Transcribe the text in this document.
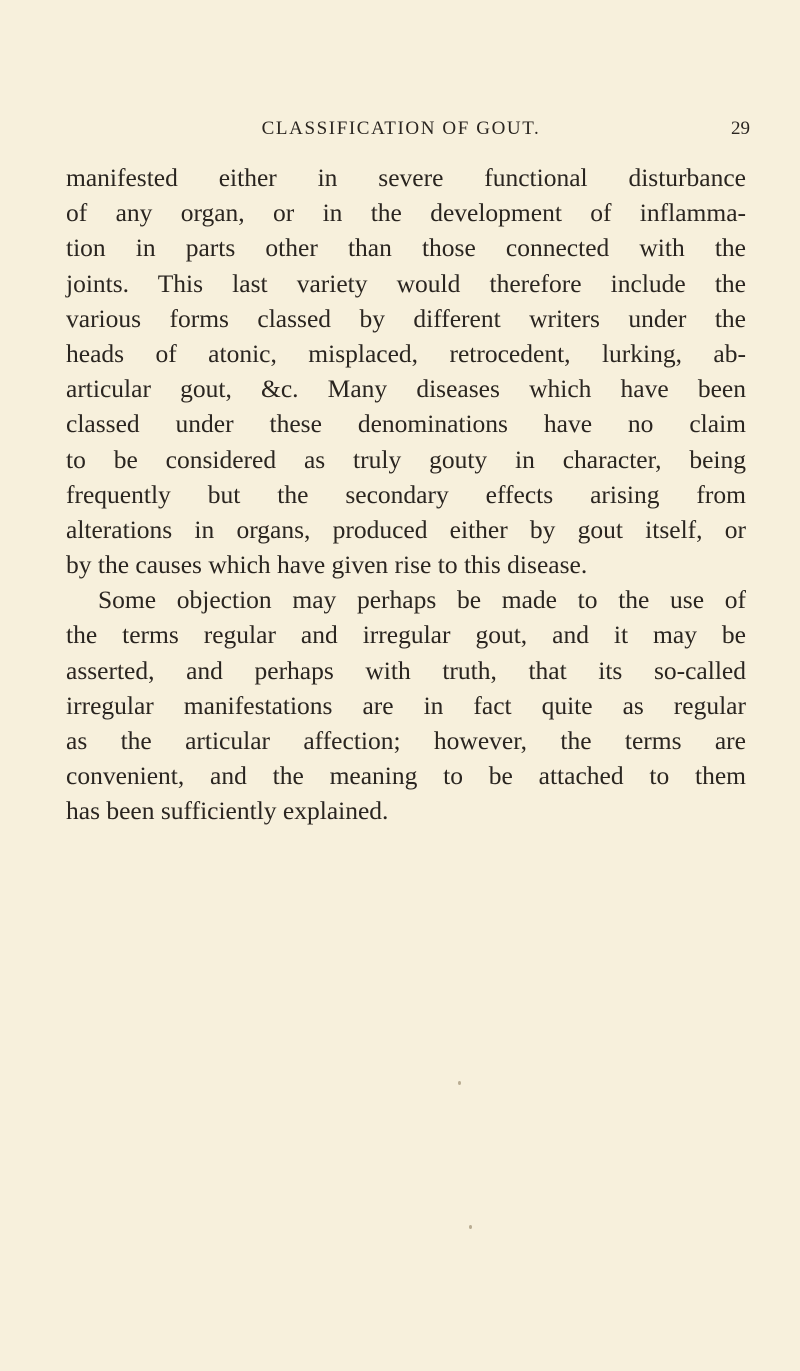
CLASSIFICATION OF GOUT.	29
manifested either in severe functional disturbance
of any organ, or in the development of inflamma-
tion in parts other than those connected with the
joints. This last variety would therefore include the
various forms classed by different writers under the
heads of atonic, misplaced, retrocedent, lurking, ab-
articular gout, &c. Many diseases which have been
classed under these denominations have no claim
to be considered as truly gouty in character, being
frequently but the secondary effects arising from
alterations in organs, produced either by gout itself, or
by the causes which have given rise to this disease.
Some objection may perhaps be made to the use of
the terms regular and irregular gout, and it may be
asserted, and perhaps with truth, that its so-called
irregular manifestations are in fact quite as regular
as the articular affection; however, the terms are
convenient, and the meaning to be attached to them
has been sufficiently explained.
